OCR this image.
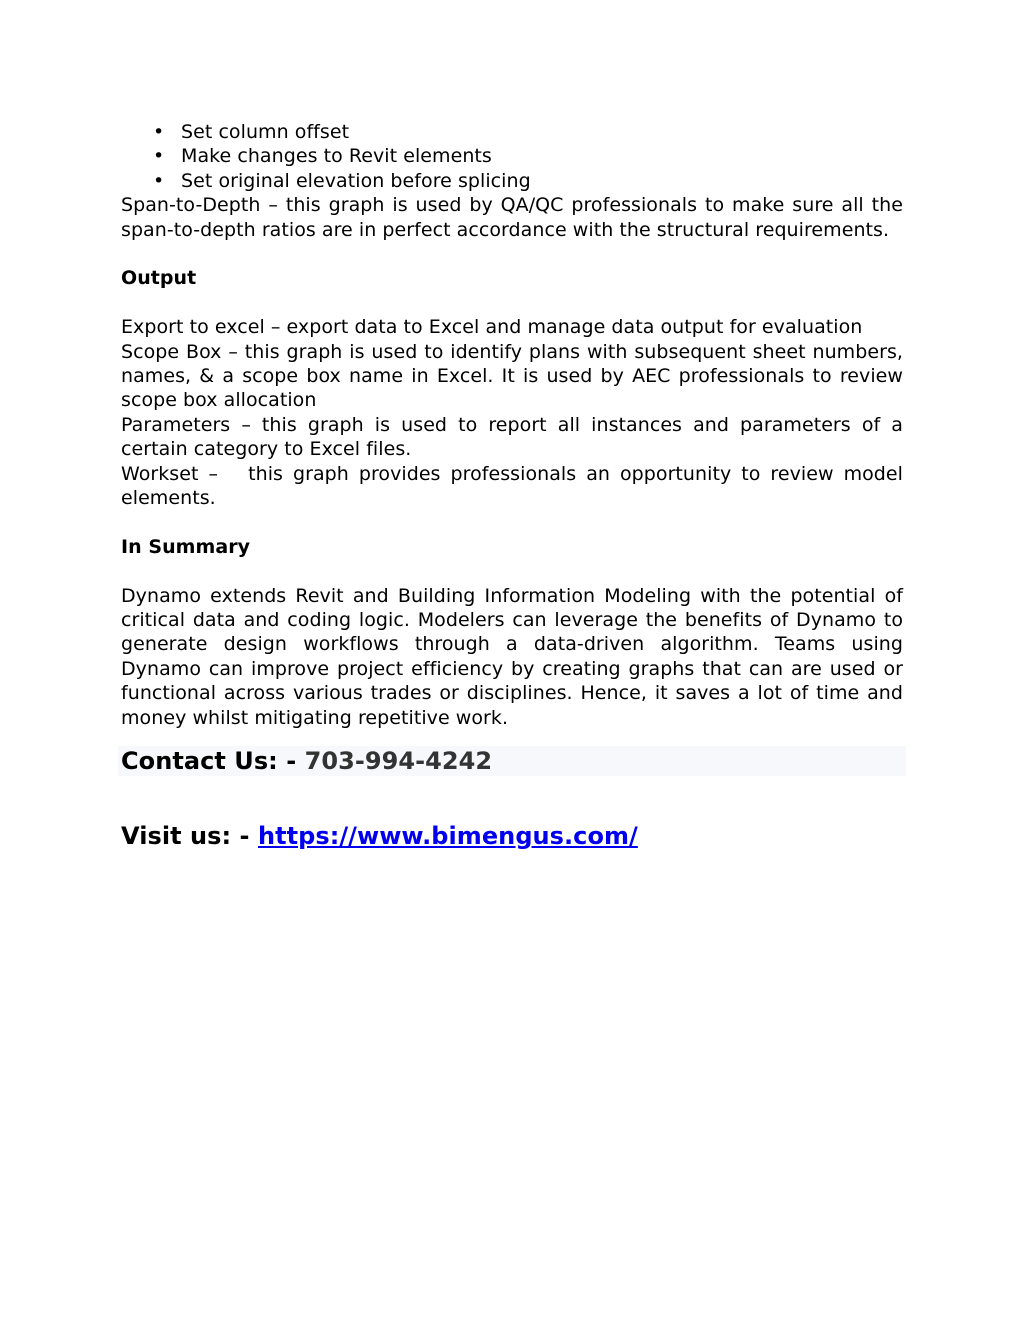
• Set column offset
• Make changes to Revit elements
• Set original elevation before splicing

Span-to-Depth – this graph is used by QA/QC professionals to make sure all the span-to-depth ratios are in perfect accordance with the structural requirements.

Output

Export to excel – export data to Excel and manage data output for evaluation

Scope Box – this graph is used to identify plans with subsequent sheet numbers, names, & a scope box name in Excel. It is used by AEC professionals to review scope box allocation

Parameters – this graph is used to report all instances and parameters of a certain category to Excel files.

Workset –   this graph provides professionals an opportunity to review model elements.

In Summary

Dynamo extends Revit and Building Information Modeling with the potential of critical data and coding logic. Modelers can leverage the benefits of Dynamo to generate design workflows through a data-driven algorithm. Teams using Dynamo can improve project efficiency by creating graphs that can are used or functional across various trades or disciplines. Hence, it saves a lot of time and money whilst mitigating repetitive work.

Contact Us: - 703-994-4242
Visit us: - https://www.bimengus.com/
